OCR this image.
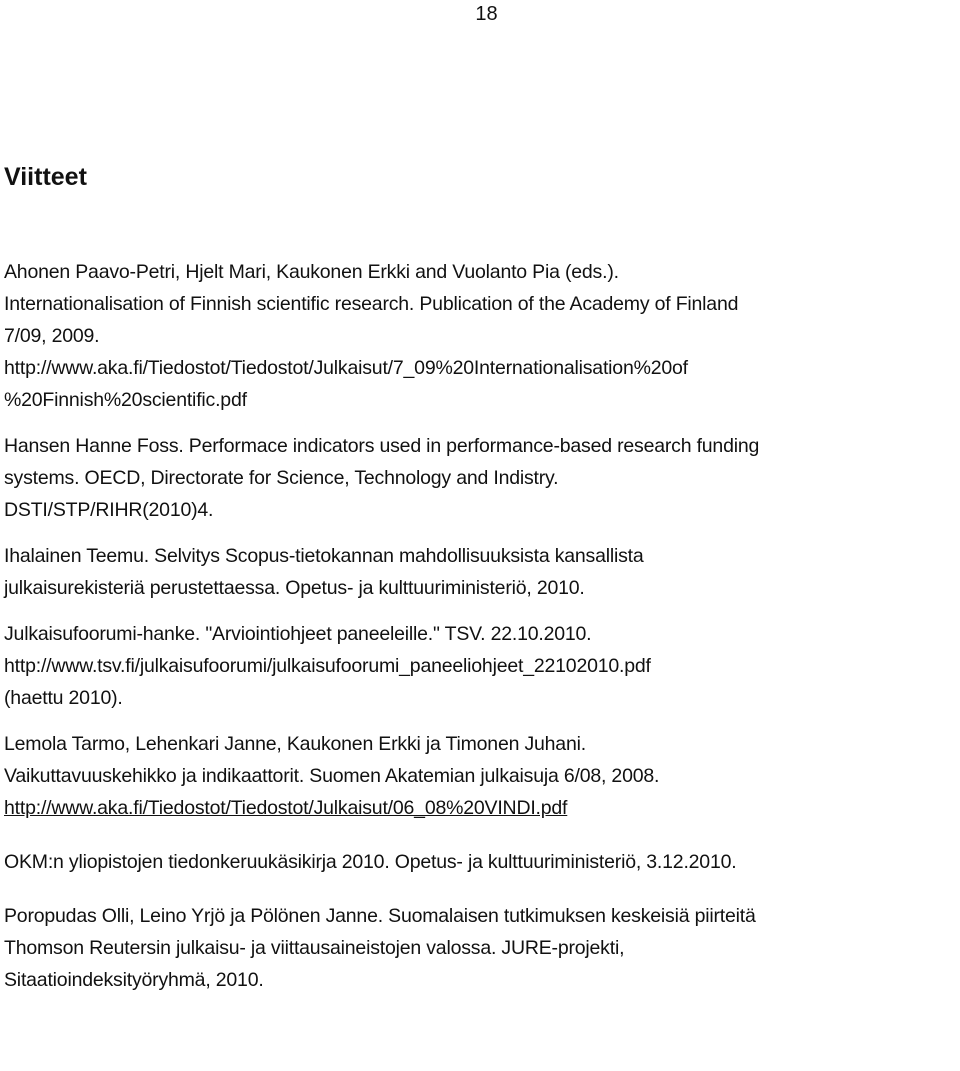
18
Viitteet
Ahonen Paavo-Petri, Hjelt Mari, Kaukonen Erkki and Vuolanto Pia (eds.).
Internationalisation of Finnish scientific research. Publication of the Academy of Finland
7/09, 2009.
http://www.aka.fi/Tiedostot/Tiedostot/Julkaisut/7_09%20Internationalisation%20of
%20Finnish%20scientific.pdf
Hansen Hanne Foss. Performace indicators used in performance-based research funding
systems. OECD, Directorate for Science, Technology and Indistry.
DSTI/STP/RIHR(2010)4.
Ihalainen Teemu. Selvitys Scopus-tietokannan mahdollisuuksista kansallista
julkaisurekisteriä perustettaessa. Opetus- ja kulttuuriministeriö, 2010.
Julkaisufoorumi-hanke. "Arviointiohjeet paneeleille." TSV. 22.10.2010.
http://www.tsv.fi/julkaisufoorumi/julkaisufoorumi_paneeliohjeet_22102010.pdf
(haettu 2010).
Lemola Tarmo, Lehenkari Janne, Kaukonen Erkki ja Timonen Juhani.
Vaikuttavuuskehikko ja indikaattorit. Suomen Akatemian julkaisuja 6/08, 2008.
http://www.aka.fi/Tiedostot/Tiedostot/Julkaisut/06_08%20VINDI.pdf
OKM:n yliopistojen tiedonkeruukäsikirja 2010. Opetus- ja kulttuuriministeriö, 3.12.2010.
Poropudas Olli, Leino Yrjö ja Pölönen Janne. Suomalaisen tutkimuksen keskeisiä piirteitä
Thomson Reutersin julkaisu- ja viittausaineistojen valossa. JURE-projekti,
Sitaatioindeksityöryhmä, 2010.
